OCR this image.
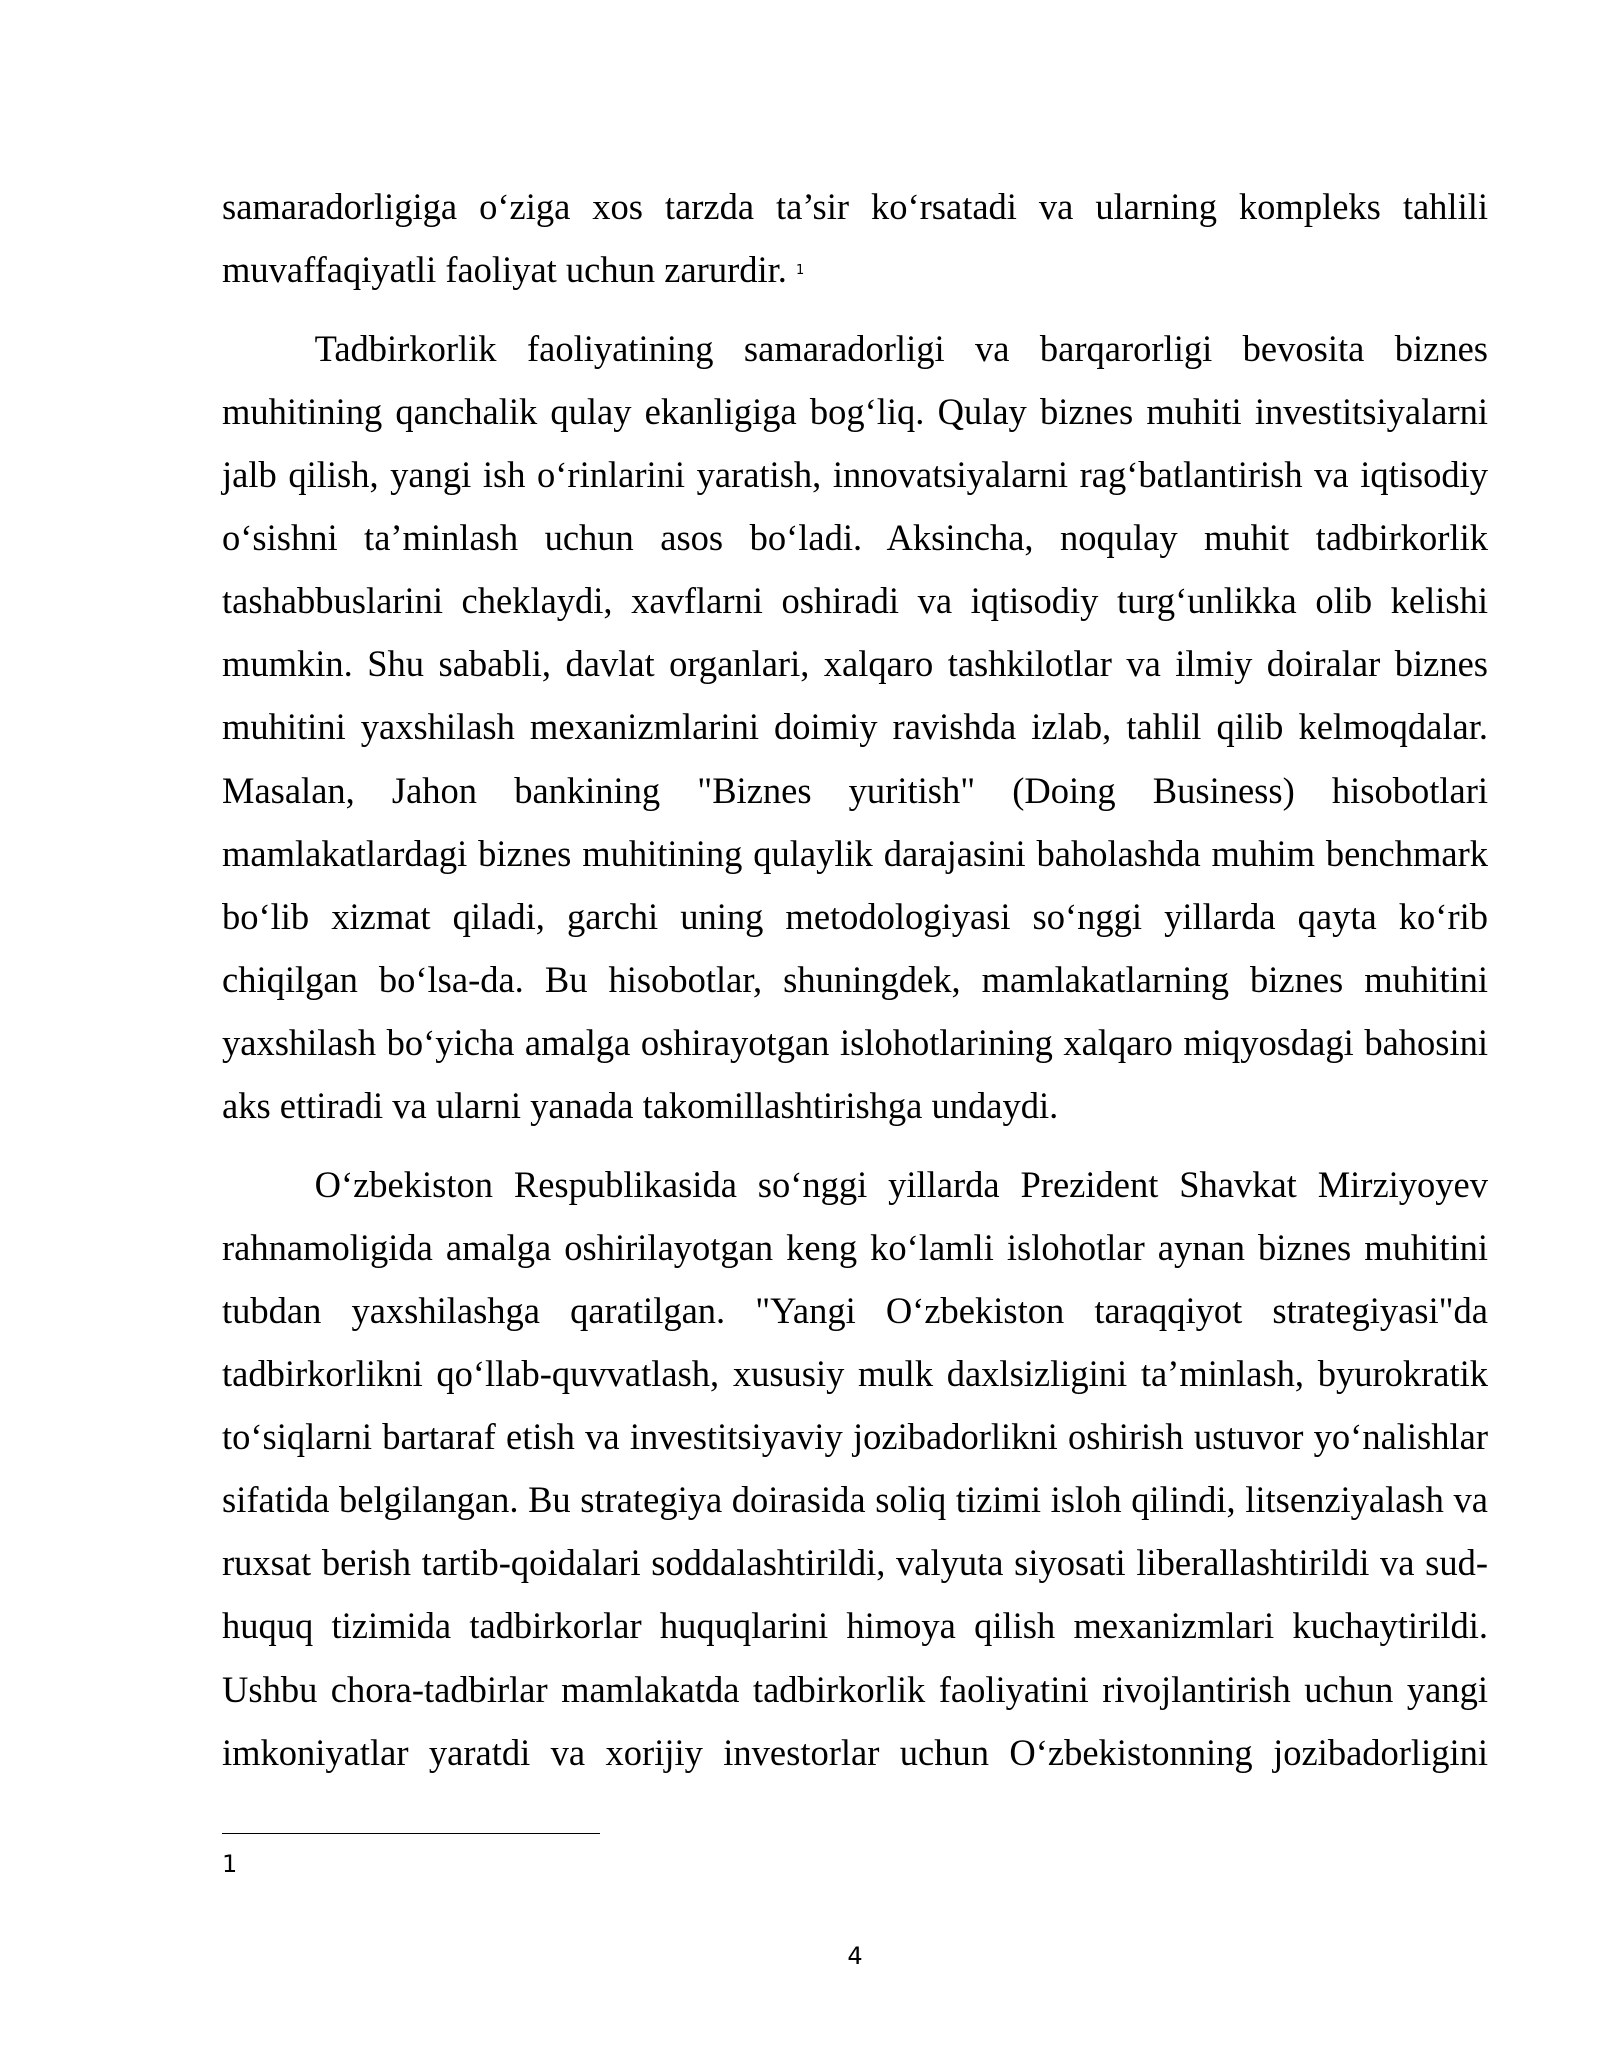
samaradorligiga o‘ziga xos tarzda ta’sir ko‘rsatadi va ularning kompleks tahlili
muvaffaqiyatli faoliyat uchun zarurdir. $^1$

Tadbirkorlik faoliyatining samaradorligi va barqarorligi bevosita biznes
muhitining qanchalik qulay ekanligiga bog‘liq. Qulay biznes muhiti investitsiyalarni
jalb qilish, yangi ish o‘rinlarini yaratish, innovatsiyalarni rag‘batlantirish va iqtisodiy
o‘sishni ta’minlash uchun asos bo‘ladi. Aksincha, noqulay muhit tadbirkorlik
tashabbuslarini cheklaydi, xavflarni oshiradi va iqtisodiy turg‘unlikka olib kelishi
mumkin. Shu sababli, davlat organlari, xalqaro tashkilotlar va ilmiy doiralar biznes
muhitini yaxshilash mexanizmlarini doimiy ravishda izlab, tahlil qilib kelmoqdalar.
Masalan, Jahon bankining "Biznes yuritish" (Doing Business) hisobotlari
mamlakatlardagi biznes muhitining qulaylik darajasini baholashda muhim benchmark
bo‘lib xizmat qiladi, garchi uning metodologiyasi so‘nggi yillarda qayta ko‘rib
chiqilgan bo‘lsa-da. Bu hisobotlar, shuningdek, mamlakatlarning biznes muhitini
yaxshilash bo‘yicha amalga oshirayotgan islohotlarining xalqaro miqyosdagi bahosini
aks ettiradi va ularni yanada takomillashtirishga undaydi.

O‘zbekiston Respublikasida so‘nggi yillarda Prezident Shavkat Mirziyoyev
rahnamoligida amalga oshirilayotgan keng ko‘lamli islohotlar aynan biznes muhitini
tubdan yaxshilashga qaratilgan. "Yangi O‘zbekiston taraqqiyot strategiyasi"da
tadbirkorlikni qo‘llab-quvvatlash, xususiy mulk daxlsizligini ta’minlash, byurokratik
to‘siqlarni bartaraf etish va investitsiyaviy jozibadorlikni oshirish ustuvor yo‘nalishlar
sifatida belgilangan. Bu strategiya doirasida soliq tizimi isloh qilindi, litsenziyalash va
ruxsat berish tartib-qoidalari soddalashtirildi, valyuta siyosati liberallashtirildi va sud-
huquq tizimida tadbirkorlar huquqlarini himoya qilish mexanizmlari kuchaytirildi.
Ushbu chora-tadbirlar mamlakatda tadbirkorlik faoliyatini rivojlantirish uchun yangi
imkoniyatlar yaratdi va xorijiy investorlar uchun O‘zbekistonning jozibadorligini

1
4
